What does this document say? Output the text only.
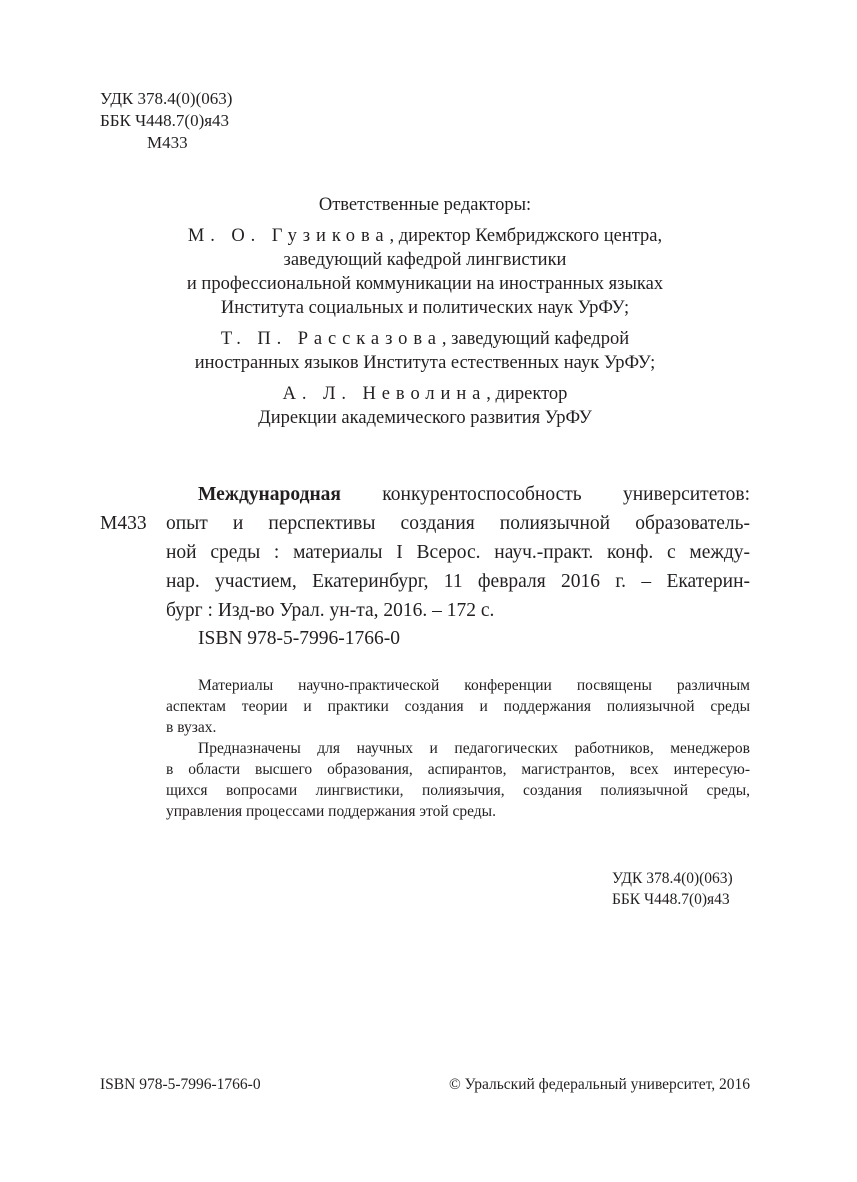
УДК 378.4(0)(063)
ББК Ч448.7(0)я43
М433
Ответственные редакторы:
М. О. Гузикова, директор Кембриджского центра,
заведующий кафедрой лингвистики
и профессиональной коммуникации на иностранных языках
Института социальных и политических наук УрФУ;
Т. П. Рассказова, заведующий кафедрой
иностранных языков Института естественных наук УрФУ;
А. Л. Неволина, директор
Дирекции академического развития УрФУ
М433
Международная конкурентоспособность университетов:
опыт и перспективы создания полиязычной образователь-
ной среды : материалы I Всерос. науч.-практ. конф. с между-
нар. участием, Екатеринбург, 11 февраля 2016 г. – Екатерин-
бург : Изд-во Урал. ун-та, 2016. – 172 с.
ISBN 978-5-7996-1766-0
Материалы научно-практической конференции посвящены различным
аспектам теории и практики создания и поддержания полиязычной среды
в вузах.
Предназначены для научных и педагогических работников, менеджеров
в области высшего образования, аспирантов, магистрантов, всех интересую-
щихся вопросами лингвистики, полиязычия, создания полиязычной среды,
управления процессами поддержания этой среды.
УДК 378.4(0)(063)
ББК Ч448.7(0)я43
ISBN 978-5-7996-1766-0	© Уральский федеральный университет, 2016
